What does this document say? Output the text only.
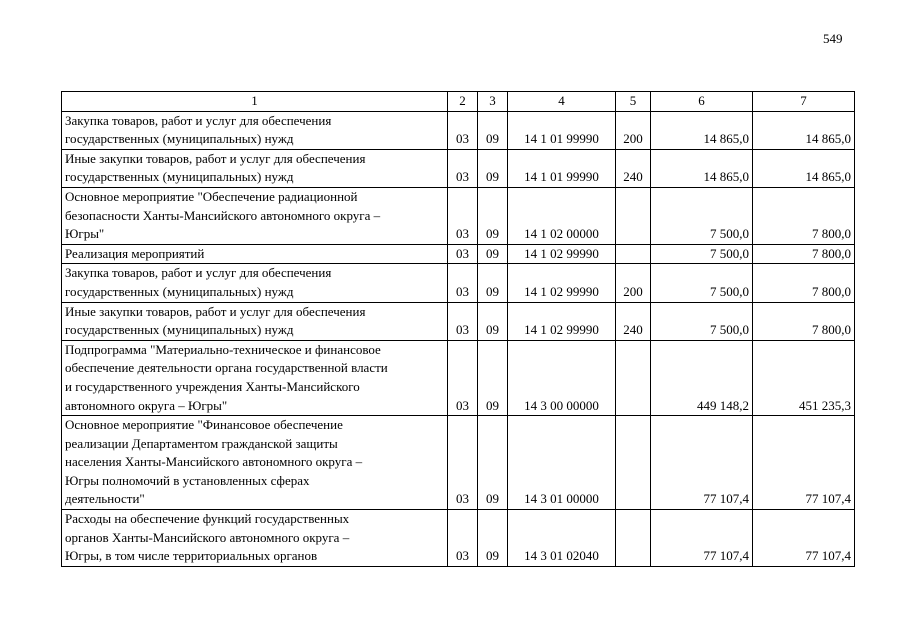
549
1	2	3	4	5	6	7
Закупка товаров, работ и услуг для обеспечения
государственных (муниципальных) нужд	03	09	14 1 01 99990	200	14 865,0	14 865,0
Иные закупки товаров, работ и услуг для обеспечения
государственных (муниципальных) нужд	03	09	14 1 01 99990	240	14 865,0	14 865,0
Основное мероприятие "Обеспечение радиационной
безопасности Ханты-Мансийского автономного округа –
Югры"	03	09	14 1 02 00000		7 500,0	7 800,0
Реализация мероприятий	03	09	14 1 02 99990		7 500,0	7 800,0
Закупка товаров, работ и услуг для обеспечения
государственных (муниципальных) нужд	03	09	14 1 02 99990	200	7 500,0	7 800,0
Иные закупки товаров, работ и услуг для обеспечения
государственных (муниципальных) нужд	03	09	14 1 02 99990	240	7 500,0	7 800,0
Подпрограмма "Материально-техническое и финансовое
обеспечение деятельности органа государственной власти
и государственного учреждения Ханты-Мансийского
автономного округа – Югры"	03	09	14 3 00 00000		449 148,2	451 235,3
Основное мероприятие "Финансовое обеспечение
реализации Департаментом гражданской защиты
населения Ханты-Мансийского автономного округа –
Югры полномочий в установленных сферах
деятельности"	03	09	14 3 01 00000		77 107,4	77 107,4
Расходы на обеспечение функций государственных
органов Ханты-Мансийского автономного округа –
Югры, в том числе территориальных органов	03	09	14 3 01 02040		77 107,4	77 107,4
